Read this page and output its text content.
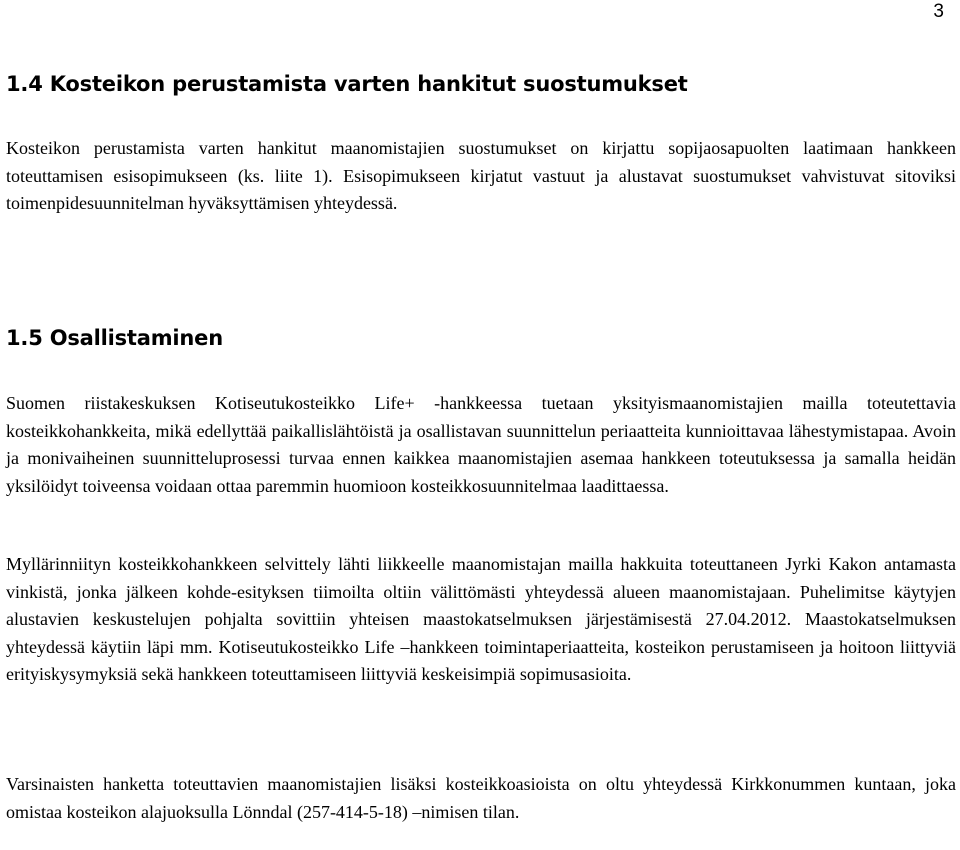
3
1.4 Kosteikon perustamista varten hankitut suostumukset

Kosteikon perustamista varten hankitut maanomistajien suostumukset on kirjattu sopijaosapuolten laatimaan hankkeen toteuttamisen esisopimukseen (ks. liite 1). Esisopimukseen kirjatut vastuut ja alustavat suostumukset vahvistuvat sitoviksi toimenpidesuunnitelman hyväksyttämisen yhteydessä.

1.5 Osallistaminen

Suomen riistakeskuksen Kotiseutukosteikko Life+ -hankkeessa tuetaan yksityismaanomistajien mailla toteutettavia kosteikkohankkeita, mikä edellyttää paikallislähtöistä ja osallistavan suunnittelun periaatteita kunnioittavaa lähestymistapaa. Avoin ja monivaiheinen suunnitteluprosessi turvaa ennen kaikkea maanomistajien asemaa hankkeen toteutuksessa ja samalla heidän yksilöidyt toiveensa voidaan ottaa paremmin huomioon kosteikkosuunnitelmaa laadittaessa.

Myllärinniityn kosteikkohankkeen selvittely lähti liikkeelle maanomistajan mailla hakkuita toteuttaneen Jyrki Kakon antamasta vinkistä, jonka jälkeen kohde-esityksen tiimoilta oltiin välittömästi yhteydessä alueen maanomistajaan. Puhelimitse käytyjen alustavien keskustelujen pohjalta sovittiin yhteisen maastokatselmuksen järjestämisestä 27.04.2012. Maastokatselmuksen yhteydessä käytiin läpi mm. Kotiseutukosteikko Life –hankkeen toimintaperiaatteita, kosteikon perustamiseen ja hoitoon liittyviä erityiskysymyksiä sekä hankkeen toteuttamiseen liittyviä keskeisimpiä sopimusasioita.

Varsinaisten hanketta toteuttavien maanomistajien lisäksi kosteikkoasioista on oltu yhteydessä Kirkkonummen kuntaan, joka omistaa kosteikon alajuoksulla Lönndal (257-414-5-18) –nimisen tilan.
